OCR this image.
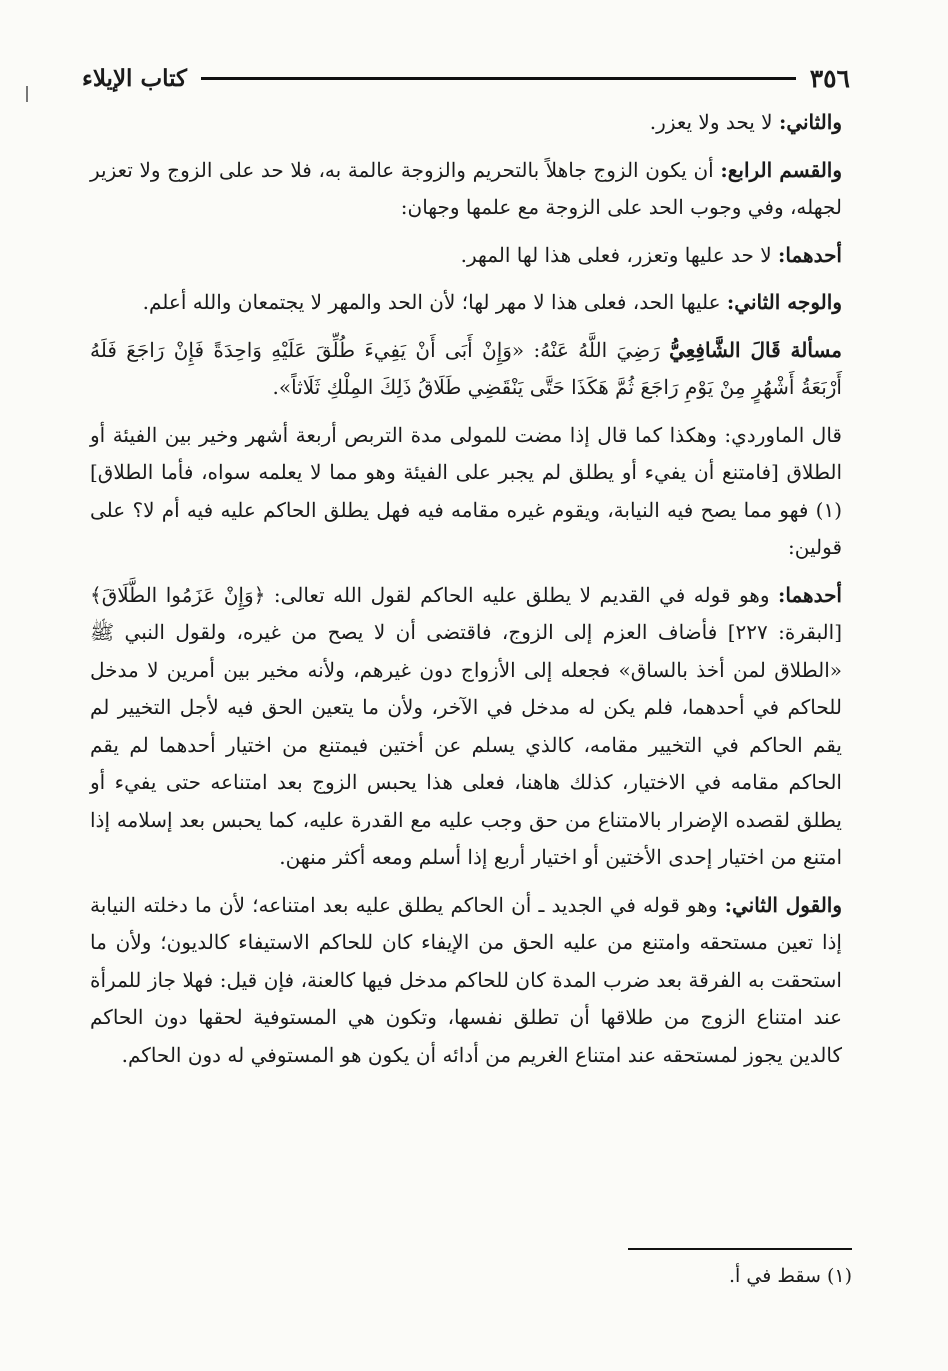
٣٥٦
كتاب الإيلاء

والثاني: لا يحد ولا يعزر.

والقسم الرابع: أن يكون الزوج جاهلاً بالتحريم والزوجة عالمة به، فلا حد على الزوج ولا تعزير لجهله، وفي وجوب الحد على الزوجة مع علمها وجهان:

أحدهما: لا حد عليها وتعزر، فعلى هذا لها المهر.

والوجه الثاني: عليها الحد، فعلى هذا لا مهر لها؛ لأن الحد والمهر لا يجتمعان والله أعلم.

مسألة قَالَ الشَّافِعِيُّ رَضِيَ اللَّهُ عَنْهُ: «وَإِنْ أَبَى أَنْ يَفِيءَ طُلِّقَ عَلَيْهِ وَاحِدَةً فَإِنْ رَاجَعَ فَلَهُ أَرْبَعَةُ أَشْهُرٍ مِنْ يَوْمِ رَاجَعَ ثُمَّ هَكَذَا حَتَّى يَنْقَضِي طَلَاقُ ذَلِكَ المِلْكِ ثَلَاثاً».

قال الماوردي: وهكذا كما قال إذا مضت للمولى مدة التربص أربعة أشهر وخير بين الفيئة أو الطلاق [فامتنع أن يفيء أو يطلق لم يجبر على الفيئة وهو مما لا يعلمه سواه، فأما الطلاق](١) فهو مما يصح فيه النيابة، ويقوم غيره مقامه فيه فهل يطلق الحاكم عليه فيه أم لا؟ على قولين:

أحدهما: وهو قوله في القديم لا يطلق عليه الحاكم لقول الله تعالى: ﴿وَإِنْ عَزَمُوا الطَّلَاقَ﴾[البقرة: ٢٢٧] فأضاف العزم إلى الزوج، فاقتضى أن لا يصح من غيره، ولقول النبي ﷺ «الطلاق لمن أخذ بالساق» فجعله إلى الأزواج دون غيرهم، ولأنه مخير بين أمرين لا مدخل للحاكم في أحدهما، فلم يكن له مدخل في الآخر، ولأن ما يتعين الحق فيه لأجل التخيير لم يقم الحاكم في التخيير مقامه، كالذي يسلم عن أختين فيمتنع من اختيار أحدهما لم يقم الحاكم مقامه في الاختيار، كذلك هاهنا، فعلى هذا يحبس الزوج بعد امتناعه حتى يفيء أو يطلق لقصده الإضرار بالامتناع من حق وجب عليه مع القدرة عليه، كما يحبس بعد إسلامه إذا امتنع من اختيار إحدى الأختين أو اختيار أربع إذا أسلم ومعه أكثر منهن.

والقول الثاني: وهو قوله في الجديد ـ أن الحاكم يطلق عليه بعد امتناعه؛ لأن ما دخلته النيابة إذا تعين مستحقه وامتنع من عليه الحق من الإيفاء كان للحاكم الاستيفاء كالديون؛ ولأن ما استحقت به الفرقة بعد ضرب المدة كان للحاكم مدخل فيها كالعنة، فإن قيل: فهلا جاز للمرأة عند امتناع الزوج من طلاقها أن تطلق نفسها، وتكون هي المستوفية لحقها دون الحاكم كالدين يجوز لمستحقه عند امتناع الغريم من أدائه أن يكون هو المستوفي له دون الحاكم.

(١) سقط في أ.
